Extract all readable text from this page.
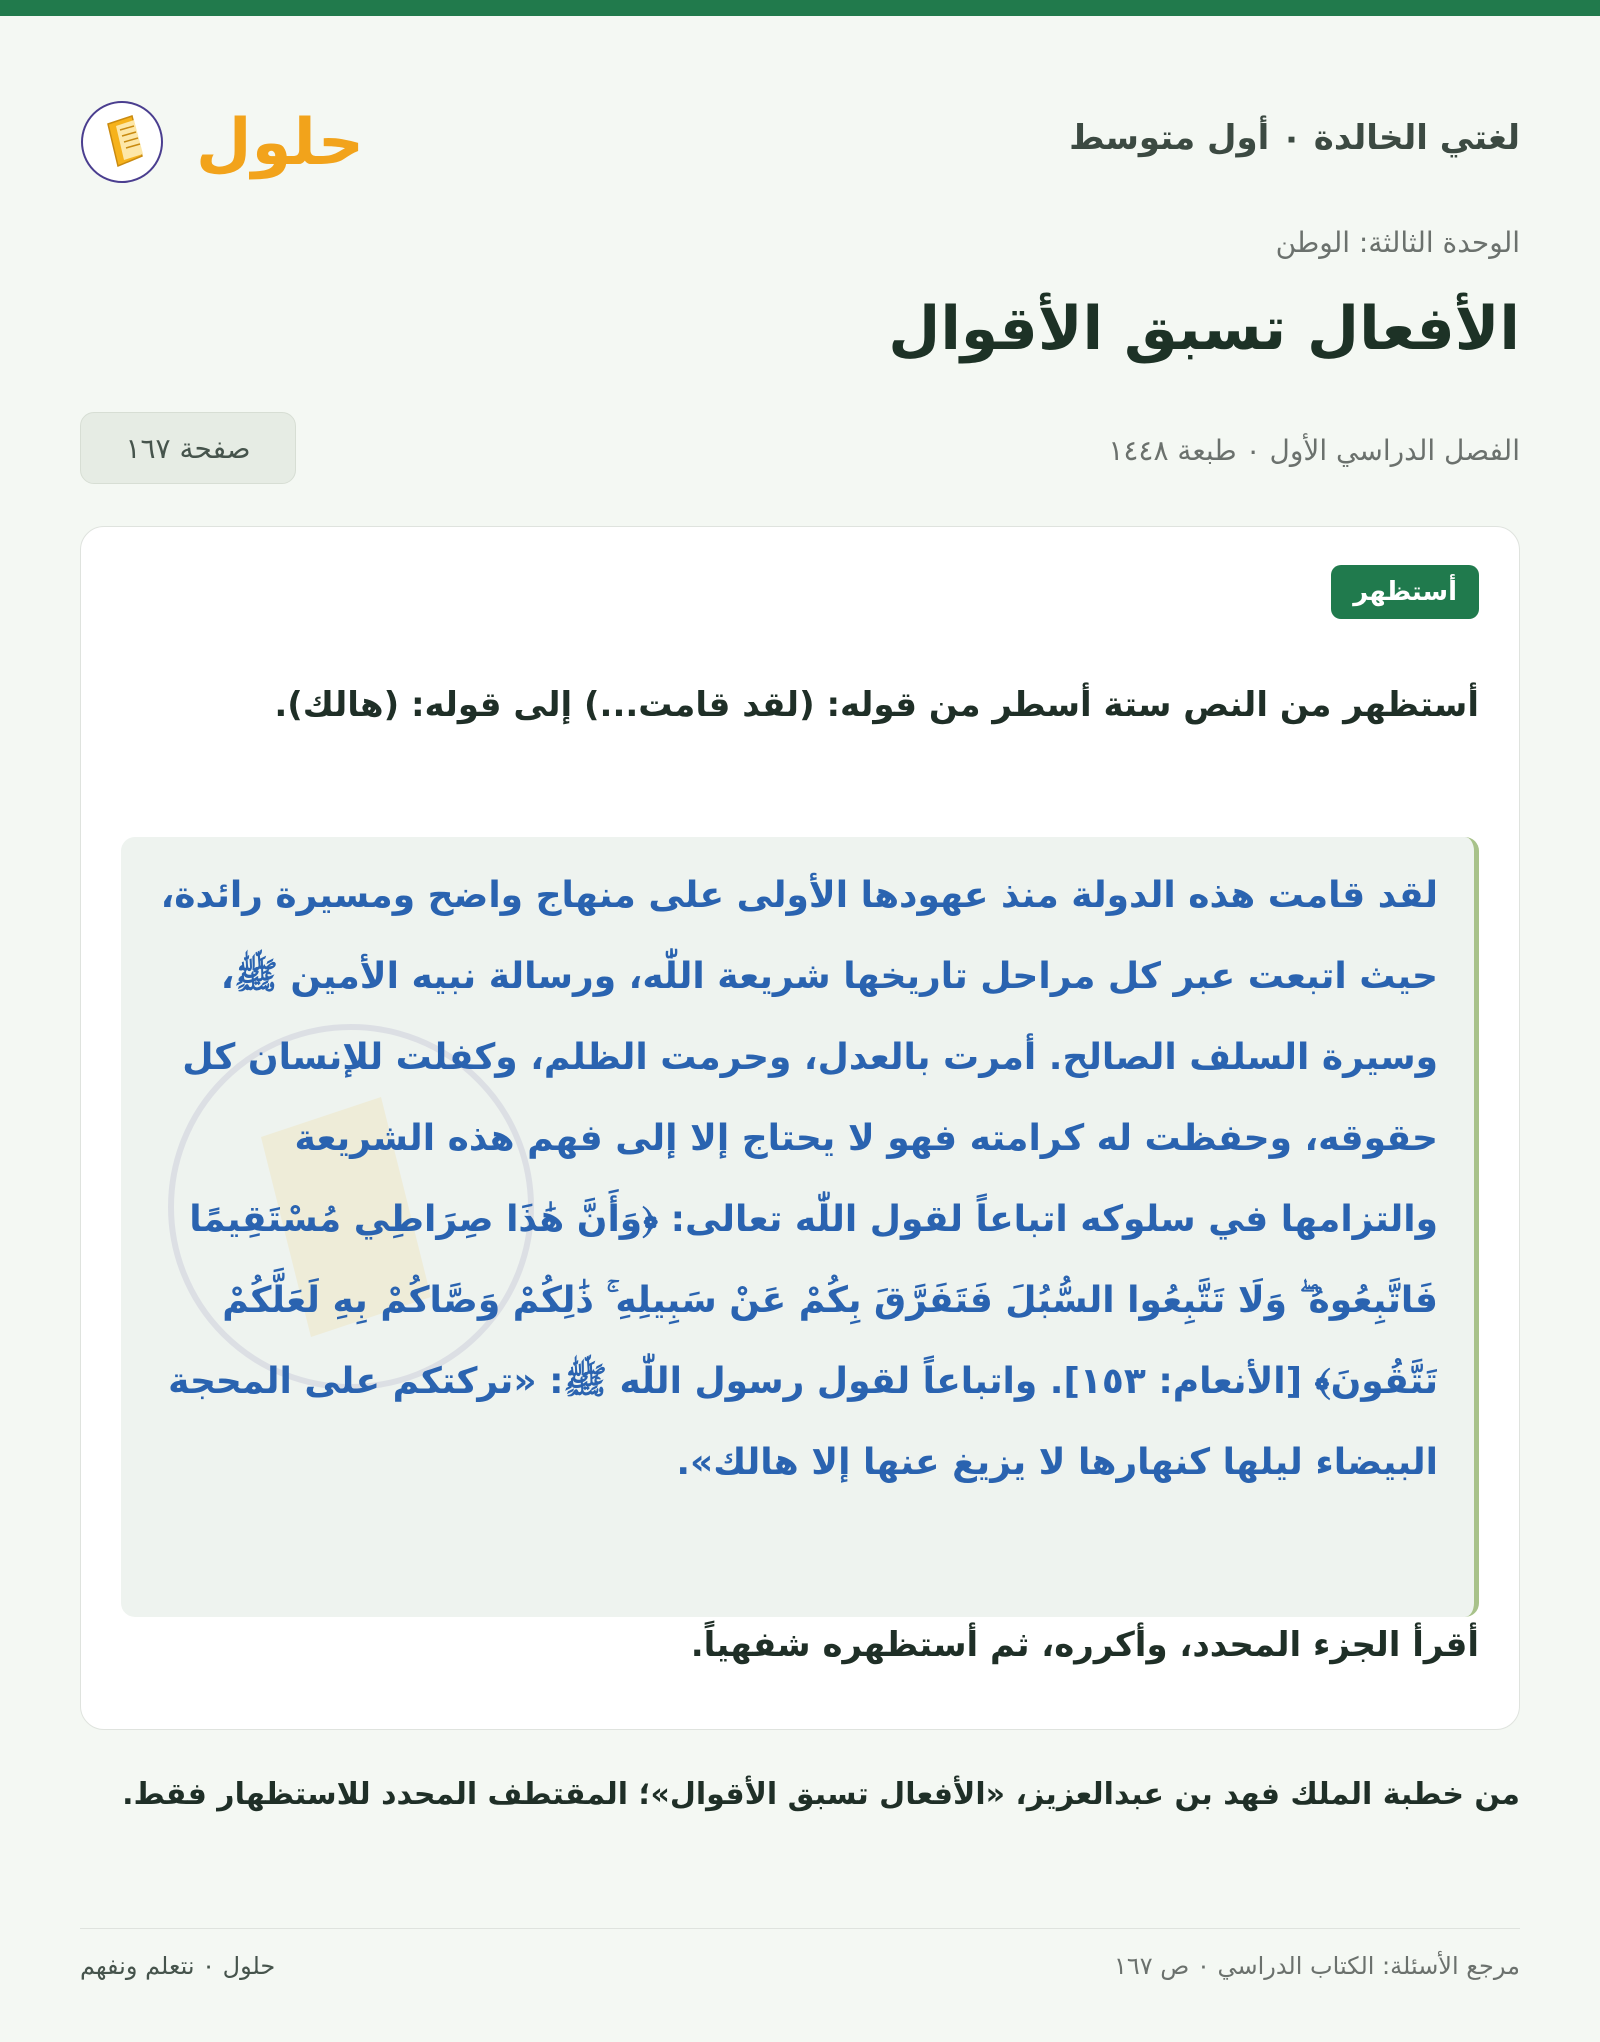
لغتي الخالدة ٠ أول متوسط
حلول
الوحدة الثالثة: الوطن
الأفعال تسبق الأقوال
الفصل الدراسي الأول ٠ طبعة ١٤٤٨
صفحة ١٦٧
أستظهر

أستظهر من النص ستة أسطر من قوله: (لقد قامت...) إلى قوله: (هالك).

لقد قامت هذه الدولة منذ عهودها الأولى على منهاج واضح ومسيرة رائدة، حيث اتبعت عبر كل مراحل تاريخها شريعة اللّٰه، ورسالة نبيه الأمين ﷺ، وسيرة السلف الصالح. أمرت بالعدل، وحرمت الظلم، وكفلت للإنسان كل حقوقه، وحفظت له كرامته فهو لا يحتاج إلا إلى فهم هذه الشريعة والتزامها في سلوكه اتباعاً لقول اللّٰه تعالى: ﴿وَأَنَّ هَٰذَا صِرَاطِي مُسْتَقِيمًا فَاتَّبِعُوهُ ۖ وَلَا تَتَّبِعُوا السُّبُلَ فَتَفَرَّقَ بِكُمْ عَنْ سَبِيلِهِ ۚ ذَٰلِكُمْ وَصَّاكُمْ بِهِ لَعَلَّكُمْ تَتَّقُونَ﴾ [الأنعام: ١٥٣]. واتباعاً لقول رسول اللّٰه ﷺ: «تركتكم على المحجة البيضاء ليلها كنهارها لا يزيغ عنها إلا هالك».

أقرأ الجزء المحدد، وأكرره، ثم أستظهره شفهياً.

من خطبة الملك فهد بن عبدالعزيز، «الأفعال تسبق الأقوال»؛ المقتطف المحدد للاستظهار فقط.

مرجع الأسئلة: الكتاب الدراسي ٠ ص ١٦٧
حلول ٠ نتعلم ونفهم
